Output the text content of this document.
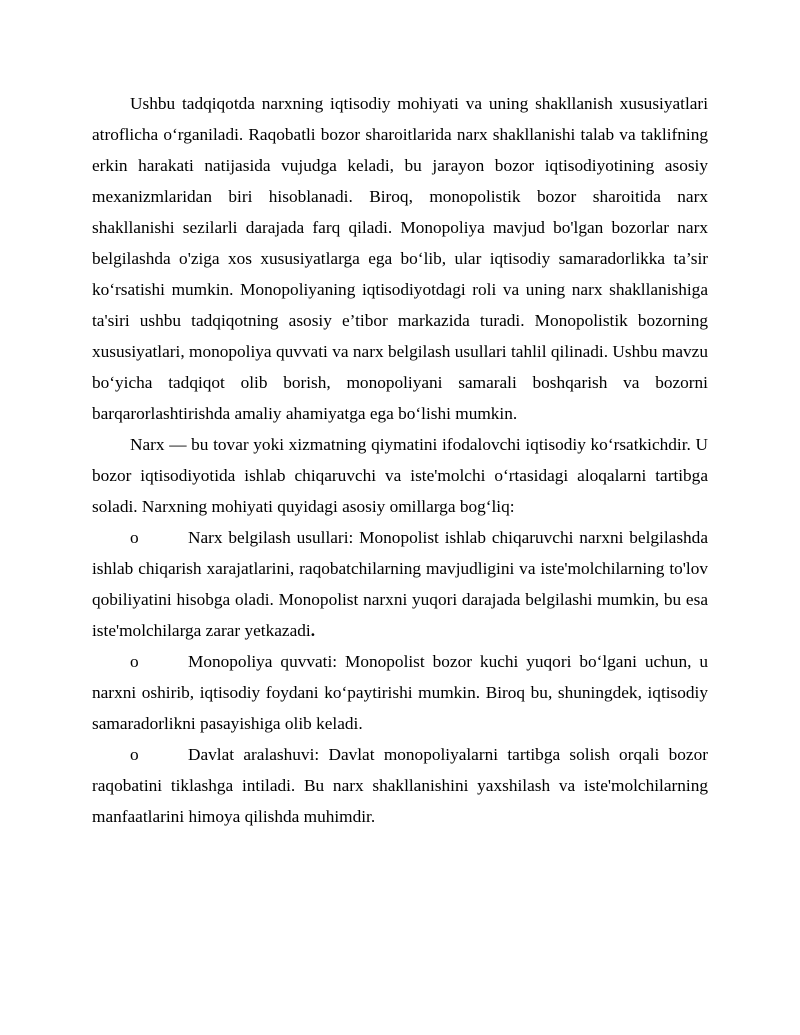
Ushbu tadqiqotda narxning iqtisodiy mohiyati va uning shakllanish xususiyatlari atroflicha o‘rganiladi. Raqobatli bozor sharoitlarida narx shakllanishi talab va taklifning erkin harakati natijasida vujudga keladi, bu jarayon bozor iqtisodiyotining asosiy mexanizmlaridan biri hisoblanadi. Biroq, monopolistik bozor sharoitida narx shakllanishi sezilarli darajada farq qiladi. Monopoliya mavjud bo'lgan bozorlar narx belgilashda o'ziga xos xususiyatlarga ega bo‘lib, ular iqtisodiy samaradorlikka ta’sir ko‘rsatishi mumkin. Monopoliyaning iqtisodiyotdagi roli va uning narx shakllanishiga ta'siri ushbu tadqiqotning asosiy e’tibor markazida turadi. Monopolistik bozorning xususiyatlari, monopoliya quvvati va narx belgilash usullari tahlil qilinadi. Ushbu mavzu bo‘yicha tadqiqot olib borish, monopoliyani samarali boshqarish va bozorni barqarorlashtirishda amaliy ahamiyatga ega bo‘lishi mumkin.

Narx — bu tovar yoki xizmatning qiymatini ifodalovchi iqtisodiy ko‘rsatkichdir. U bozor iqtisodiyotida ishlab chiqaruvchi va iste'molchi o‘rtasidagi aloqalarni tartibga soladi. Narxning mohiyati quyidagi asosiy omillarga bog‘liq:

o	Narx belgilash usullari: Monopolist ishlab chiqaruvchi narxni belgilashda ishlab chiqarish xarajatlarini, raqobatchilarning mavjudligini va iste'molchilarning to'lov qobiliyatini hisobga oladi. Monopolist narxni yuqori darajada belgilashi mumkin, bu esa iste'molchilarga zarar yetkazadi.
o	Monopoliya quvvati: Monopolist bozor kuchi yuqori bo‘lgani uchun, u narxni oshirib, iqtisodiy foydani ko‘paytirishi mumkin. Biroq bu, shuningdek, iqtisodiy samaradorlikni pasayishiga olib keladi.
o	Davlat aralashuvi: Davlat monopoliyalarni tartibga solish orqali bozor raqobatini tiklashga intiladi. Bu narx shakllanishini yaxshilash va iste'molchilarning manfaatlarini himoya qilishda muhimdir.
